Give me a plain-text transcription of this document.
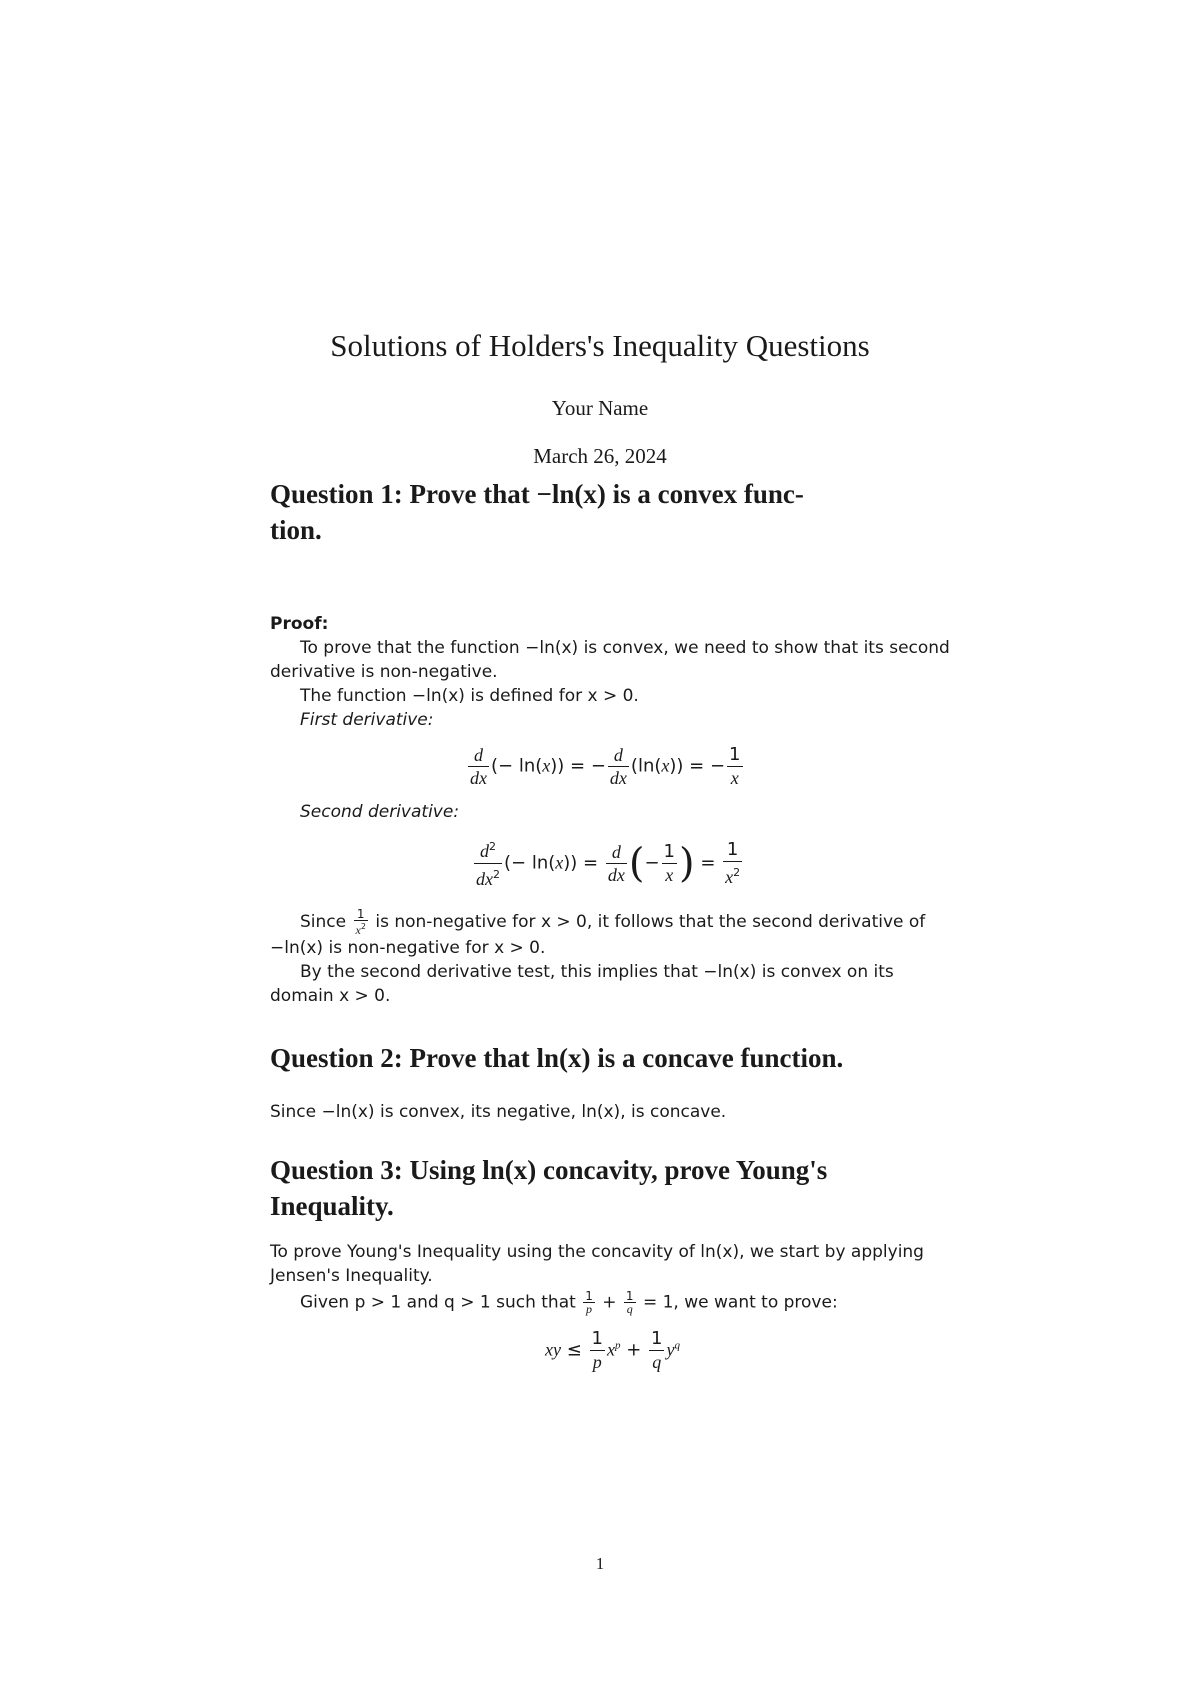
Solutions of Holders's Inequality Questions
Your Name
March 26, 2024
Question 1: Prove that −ln(x) is a convex func-
tion.
Proof:
To prove that the function −ln(x) is convex, we need to show that its second
derivative is non-negative.
The function −ln(x) is defined for x > 0.
First derivative:
$\frac{d}{dx}$ (− ln(x)) = − $\frac{d}{dx} (\ln(x))$ = − $\frac{1}{x}$
Second derivative:
$\frac{d^2}{dx^2}$ (− $\ln(x)) = \frac{d}{dx}$ (− $\frac{1}{x}$ ) = $\frac{1}{x^2}$
Since $\frac{1}{x^2}$ is non-negative for x > 0, it follows that the second derivative of
−ln(x) is non-negative for x > 0.
By the second derivative test, this implies that −ln(x) is convex on its
domain x > 0.
Question 2: Prove that ln(x) is a concave function.
Since −ln(x) is convex, its negative, ln(x), is concave.
Question 3: Using ln(x) concavity, prove Young's
Inequality.
To prove Young's Inequality using the concavity of ln(x), we start by applying
Jensen's Inequality.
Given p > 1 and q > 1 such that $\frac{1}{p} + \frac{1}{q} = 1$, we want to prove:
xy ≤ $\frac{1}{p} x^p + \frac{1}{q} y^q$
1
